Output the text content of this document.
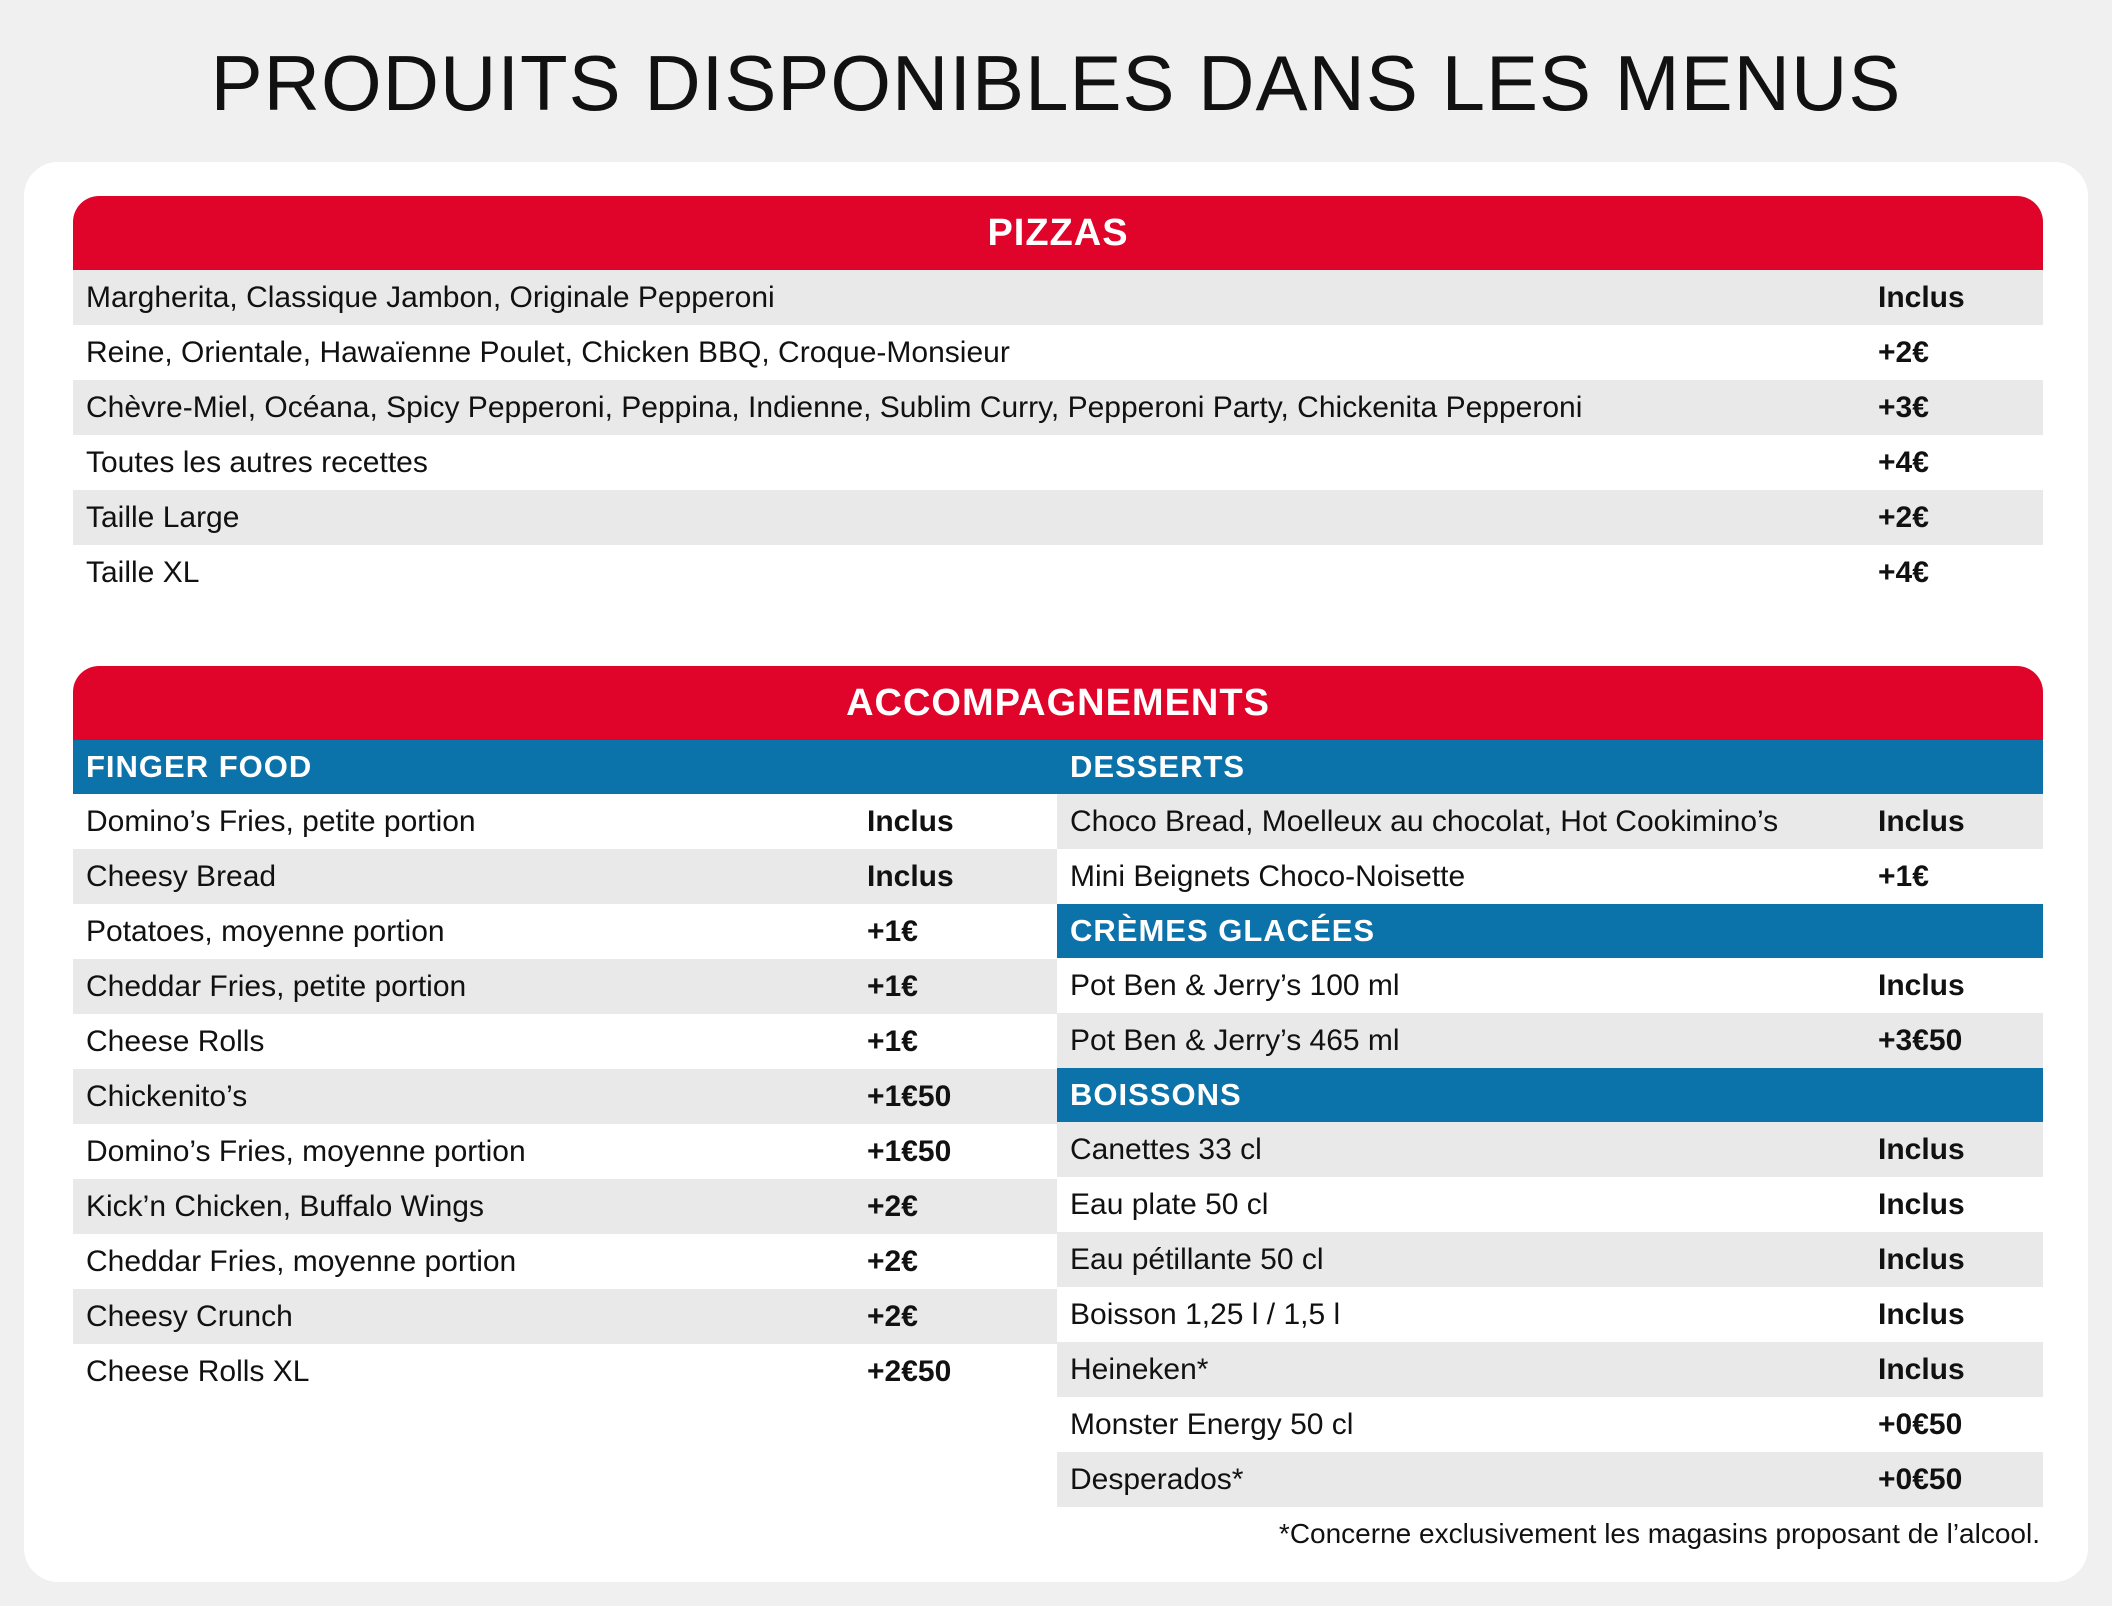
PRODUITS DISPONIBLES DANS LES MENUS
PIZZAS
Margherita, Classique Jambon, Originale Pepperoni	Inclus
Reine, Orientale, Hawaïenne Poulet, Chicken BBQ, Croque-Monsieur	+2€
Chèvre-Miel, Océana, Spicy Pepperoni, Peppina, Indienne, Sublim Curry, Pepperoni Party, Chickenita Pepperoni	+3€
Toutes les autres recettes	+4€
Taille Large	+2€
Taille XL	+4€
ACCOMPAGNEMENTS
FINGER FOOD
Domino’s Fries, petite portion	Inclus
Cheesy Bread	Inclus
Potatoes, moyenne portion	+1€
Cheddar Fries, petite portion	+1€
Cheese Rolls	+1€
Chickenito’s	+1€50
Domino’s Fries, moyenne portion	+1€50
Kick’n Chicken, Buffalo Wings	+2€
Cheddar Fries, moyenne portion	+2€
Cheesy Crunch	+2€
Cheese Rolls XL	+2€50
DESSERTS
Choco Bread, Moelleux au chocolat, Hot Cookimino’s	Inclus
Mini Beignets Choco-Noisette	+1€
CRÈMES GLACÉES
Pot Ben & Jerry’s 100 ml	Inclus
Pot Ben & Jerry’s 465 ml	+3€50
BOISSONS
Canettes 33 cl	Inclus
Eau plate 50 cl	Inclus
Eau pétillante 50 cl	Inclus
Boisson 1,25 l / 1,5 l	Inclus
Heineken*	Inclus
Monster Energy 50 cl	+0€50
Desperados*	+0€50
*Concerne exclusivement les magasins proposant de l’alcool.
